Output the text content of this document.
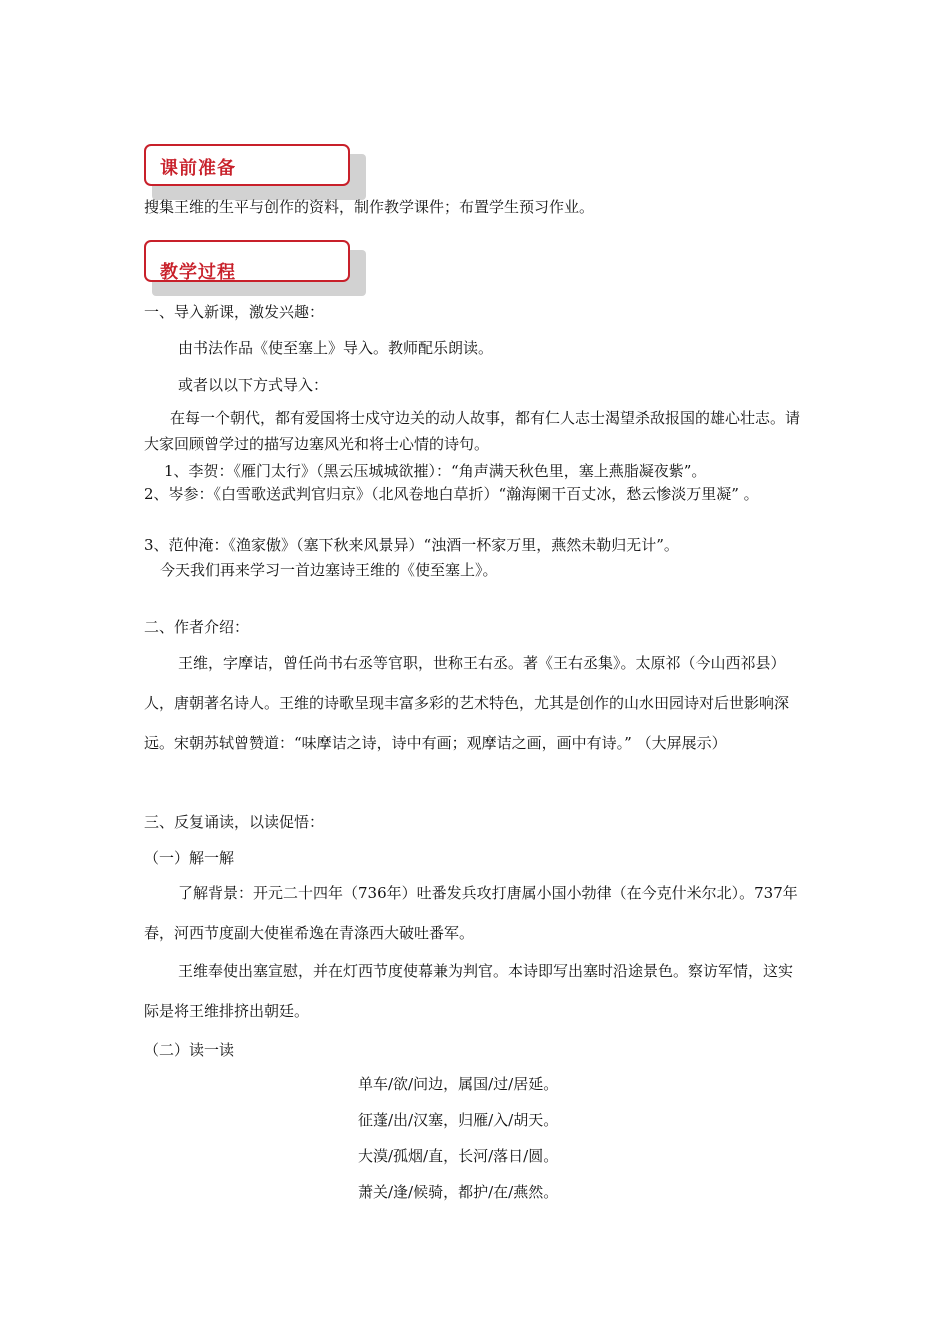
课前准备
搜集王维的生平与创作的资料，制作教学课件；布置学生预习作业。
教学过程
一、导入新课，激发兴趣：
由书法作品《使至塞上》导入。教师配乐朗读。
或者以以下方式导入：
在每一个朝代，都有爱国将士戍守边关的动人故事，都有仁人志士渴望杀敌报国的雄心壮志。请大家回顾曾学过的描写边塞风光和将士心情的诗句。
1、李贺：《雁门太行》（黑云压城城欲摧）：“角声满天秋色里，塞上燕脂凝夜紫”。
2、岑参：《白雪歌送武判官归京》（北风卷地白草折）“瀚海阑干百丈冰，愁云惨淡万里凝” 。
3、范仲淹：《渔家傲》（塞下秋来风景异）“浊酒一杯家万里，燕然未勒归无计”。
今天我们再来学习一首边塞诗王维的《使至塞上》。
二、作者介绍：
王维，字摩诘，曾任尚书右丞等官职，世称王右丞。著《王右丞集》。太原祁（今山西祁县）人，唐朝著名诗人。王维的诗歌呈现丰富多彩的艺术特色，尤其是创作的山水田园诗对后世影响深远。宋朝苏轼曾赞道：“味摩诘之诗，诗中有画；观摩诘之画，画中有诗。” （大屏展示）
三、反复诵读，以读促悟：
（一）解一解
了解背景：开元二十四年（736年）吐番发兵攻打唐属小国小勃律（在今克什米尔北）。737年春，河西节度副大使崔希逸在青涤西大破吐番军。
王维奉使出塞宣慰，并在灯西节度使幕兼为判官。本诗即写出塞时沿途景色。察访军情，这实际是将王维排挤出朝廷。
（二）读一读
单车/欲/问边，属国/过/居延。
征蓬/出/汉塞，归雁/入/胡天。
大漠/孤烟/直，长河/落日/圆。
萧关/逢/候骑，都护/在/燕然。
